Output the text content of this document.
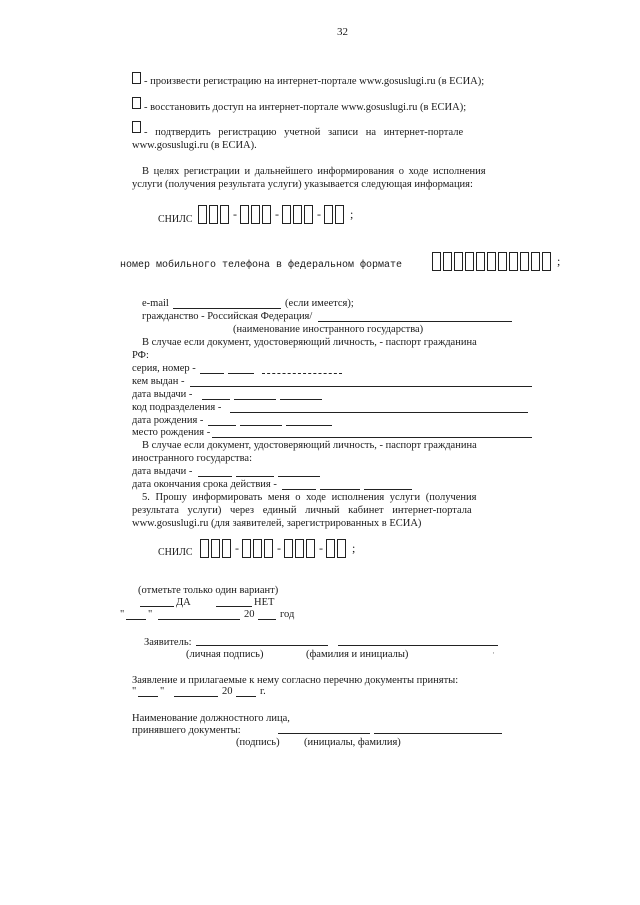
32
- произвести регистрацию на интернет-портале www.gosuslugi.ru (в ЕСИА);
- восстановить доступ на интернет-портале www.gosuslugi.ru (в ЕСИА);
- подтвердить регистрацию учетной записи на интернет-портале
www.gosuslugi.ru (в ЕСИА).
В целях регистрации и дальнейшего информирования о ходе исполнения
услуги (получения результата услуги) указывается следующая информация:
СНИЛС	-	-	- ;
номер мобильного телефона в федеральном формате	;
e-mail	(если имеется);
гражданство - Российская Федерация/
(наименование иностранного государства)
В случае если документ, удостоверяющий личность, - паспорт гражданина
РФ:
серия, номер -
кем выдан -
дата выдачи -
код подразделения -
дата рождения -
место рождения -
В случае если документ, удостоверяющий личность, - паспорт гражданина
иностранного государства:
дата выдачи -
дата окончания срока действия -
5. Прошу информировать меня о ходе исполнения услуги (получения
результата услуги) через единый личный кабинет интернет-портала
www.gosuslugi.ru (для заявителей, зарегистрированных в ЕСИА)
СНИЛС	-	-	- ;
(отметьте только один вариант)
ДА	НЕТ
" "	20 год
Заявитель:
(личная подпись)	(фамилия и инициалы)	·
Заявление и прилагаемые к нему согласно перечню документы приняты:
" "	20	г.
Наименование должностного лица,
принявшего документы:
(подпись) (инициалы, фамилия)
